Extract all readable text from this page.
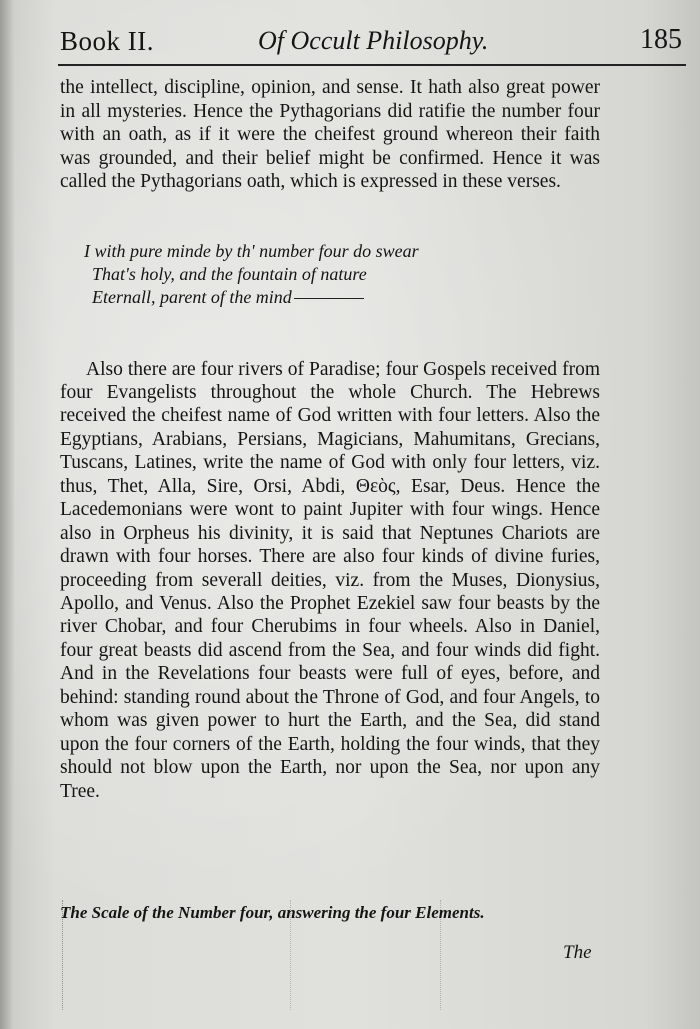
Book II.	Of Occult Philosophy.	185

the intellect, discipline, opinion, and sense. It hath also great power in all mysteries. Hence the Pythagorians did ratifie the number four with an oath, as if it were the cheifest ground whereon their faith was grounded, and their belief might be confirmed. Hence it was called the Pythagorians oath, which is expressed in these verses.

I with pure minde by th' number four do swear
That's holy, and the fountain of nature
Eternall, parent of the mind

Also there are four rivers of Paradise; four Gospels received from four Evangelists throughout the whole Church. The Hebrews received the cheifest name of God written with four letters. Also the Egyptians, Arabians, Persians, Magicians, Mahumitans, Grecians, Tuscans, Latines, write the name of God with only four letters, viz. thus, Thet, Alla, Sire, Orsi, Abdi, Θεὸς, Esar, Deus. Hence the Lacedemonians were wont to paint Jupiter with four wings. Hence also in Orpheus his divinity, it is said that Neptunes Chariots are drawn with four horses. There are also four kinds of divine furies, proceeding from severall deities, viz. from the Muses, Dionysius, Apollo, and Venus. Also the Prophet Ezekiel saw four beasts by the river Chobar, and four Cherubims in four wheels. Also in Daniel, four great beasts did ascend from the Sea, and four winds did fight. And in the Revelations four beasts were full of eyes, before, and behind: standing round about the Throne of God, and four Angels, to whom was given power to hurt the Earth, and the Sea, did stand upon the four corners of the Earth, holding the four winds, that they should not blow upon the Earth, nor upon the Sea, nor upon any Tree.

The Scale of the Number four, answering the four Elements.
The
